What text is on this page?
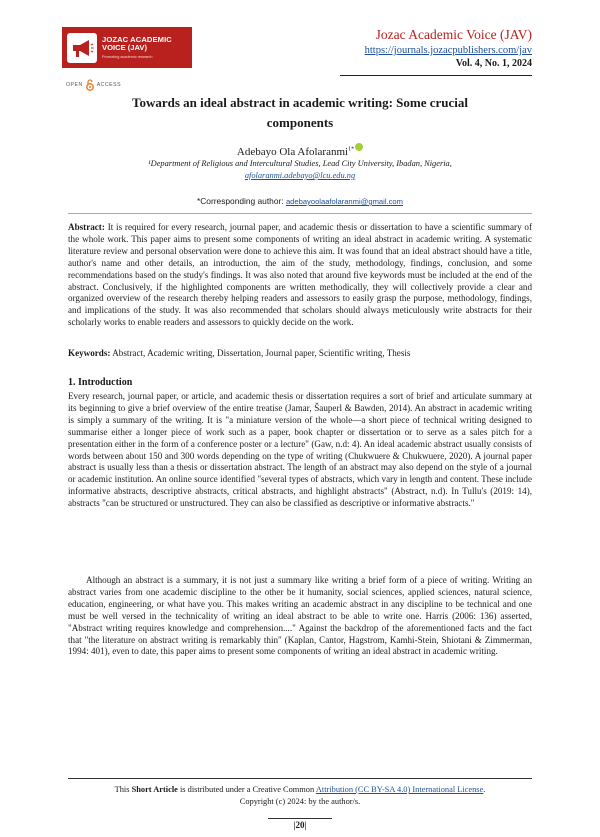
JOZAC ACADEMIC
VOICE (JAV)
Promoting academic research
OPEN	ACCESS
Jozac Academic Voice (JAV)
https://journals.jozacpublishers.com/jav
Vol. 4, No. 1, 2024
Towards an ideal abstract in academic writing: Some crucial components
Adebayo Ola Afolaranmi$^{1*}$
¹Department of Religious and Intercultural Studies, Lead City University, Ibadan, Nigeria,
afolaranmi.adebayo@lcu.edu.ng
*Corresponding author: adebayoolaafolaranmi@gmail.com
Abstract: It is required for every research, journal paper, and academic thesis or dissertation to have a scientific summary of the whole work. This paper aims to present some components of writing an ideal abstract in academic writing. A systematic literature review and personal observation were done to achieve this aim. It was found that an ideal abstract should have a title, author's name and other details, an introduction, the aim of the study, methodology, findings, conclusion, and some recommendations based on the study's findings. It was also noted that around five keywords must be included at the end of the abstract. Conclusively, if the highlighted components are written methodically, they will collectively provide a clear and organized overview of the research thereby helping readers and assessors to easily grasp the purpose, methodology, findings, and implications of the study. It was also recommended that scholars should always meticulously write abstracts for their scholarly works to enable readers and assessors to quickly decide on the work.
Keywords: Abstract, Academic writing, Dissertation, Journal paper, Scientific writing, Thesis
1. Introduction
Every research, journal paper, or article, and academic thesis or dissertation requires a sort of brief and articulate summary at its beginning to give a brief overview of the entire treatise (Jamar, Šauperl & Bawden, 2014). An abstract in academic writing is simply a summary of the writing. It is "a miniature version of the whole—a short piece of technical writing designed to summarise either a longer piece of work such as a paper, book chapter or dissertation or to serve as a sales pitch for a presentation either in the form of a conference poster or a lecture" (Gaw, n.d: 4). An ideal academic abstract usually consists of words between about 150 and 300 words depending on the type of writing (Chukwuere & Chukwuere, 2020). A journal paper abstract is usually less than a thesis or dissertation abstract. The length of an abstract may also depend on the style of a journal or academic institution. An online source identified "several types of abstracts, which vary in length and content. These include informative abstracts, descriptive abstracts, critical abstracts, and highlight abstracts" (Abstract, n.d). In Tullu's (2019: 14), abstracts "can be structured or unstructured. They can also be classified as descriptive or informative abstracts."
Although an abstract is a summary, it is not just a summary like writing a brief form of a piece of writing. Writing an abstract varies from one academic discipline to the other be it humanity, social sciences, applied sciences, natural science, education, engineering, or what have you. This makes writing an academic abstract in any discipline to be technical and one must be well versed in the technicality of writing an ideal abstract to be able to write one. Harris (2006: 136) asserted, "Abstract writing requires knowledge and comprehension...." Against the backdrop of the aforementioned facts and the fact that "the literature on abstract writing is remarkably thin" (Kaplan, Cantor, Hagstrom, Kamhi-Stein, Shiotani & Zimmerman, 1994: 401), even to date, this paper aims to present some components of writing an ideal abstract in academic writing.
This Short Article is distributed under a Creative Common Attribution (CC BY-SA 4.0) International License.
Copyright (c) 2024: by the author/s.
|20|
